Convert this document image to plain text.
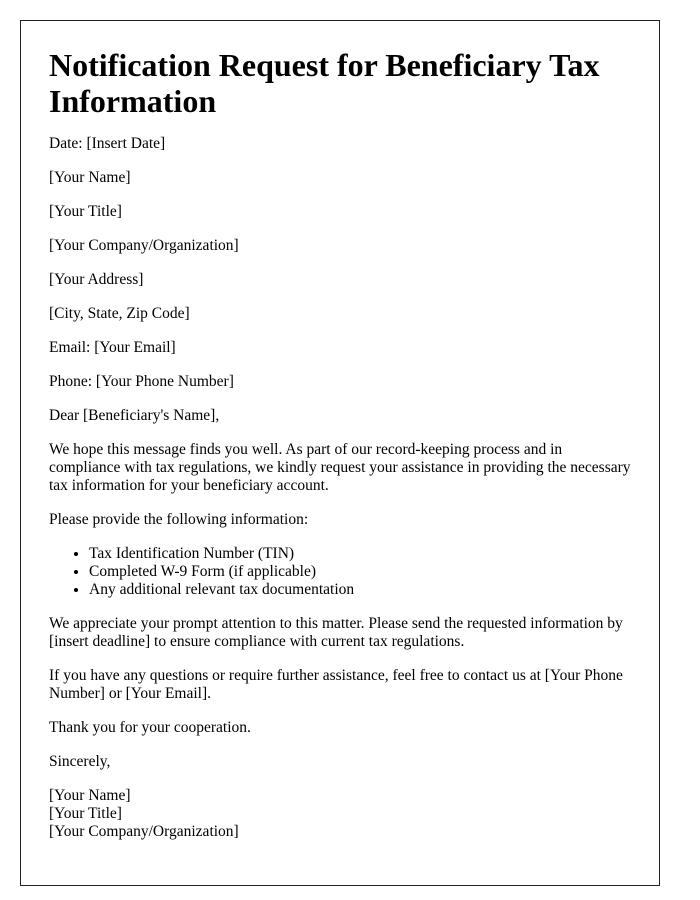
Notification Request for Beneficiary Tax Information

Date: [Insert Date]

[Your Name]

[Your Title]

[Your Company/Organization]

[Your Address]

[City, State, Zip Code]

Email: [Your Email]

Phone: [Your Phone Number]

Dear [Beneficiary's Name],

We hope this message finds you well. As part of our record-keeping process and in compliance with tax regulations, we kindly request your assistance in providing the necessary tax information for your beneficiary account.

Please provide the following information:

• Tax Identification Number (TIN)
• Completed W-9 Form (if applicable)
• Any additional relevant tax documentation

We appreciate your prompt attention to this matter. Please send the requested information by [insert deadline] to ensure compliance with current tax regulations.

If you have any questions or require further assistance, feel free to contact us at [Your Phone Number] or [Your Email].

Thank you for your cooperation.

Sincerely,

[Your Name]
[Your Title]
[Your Company/Organization]
